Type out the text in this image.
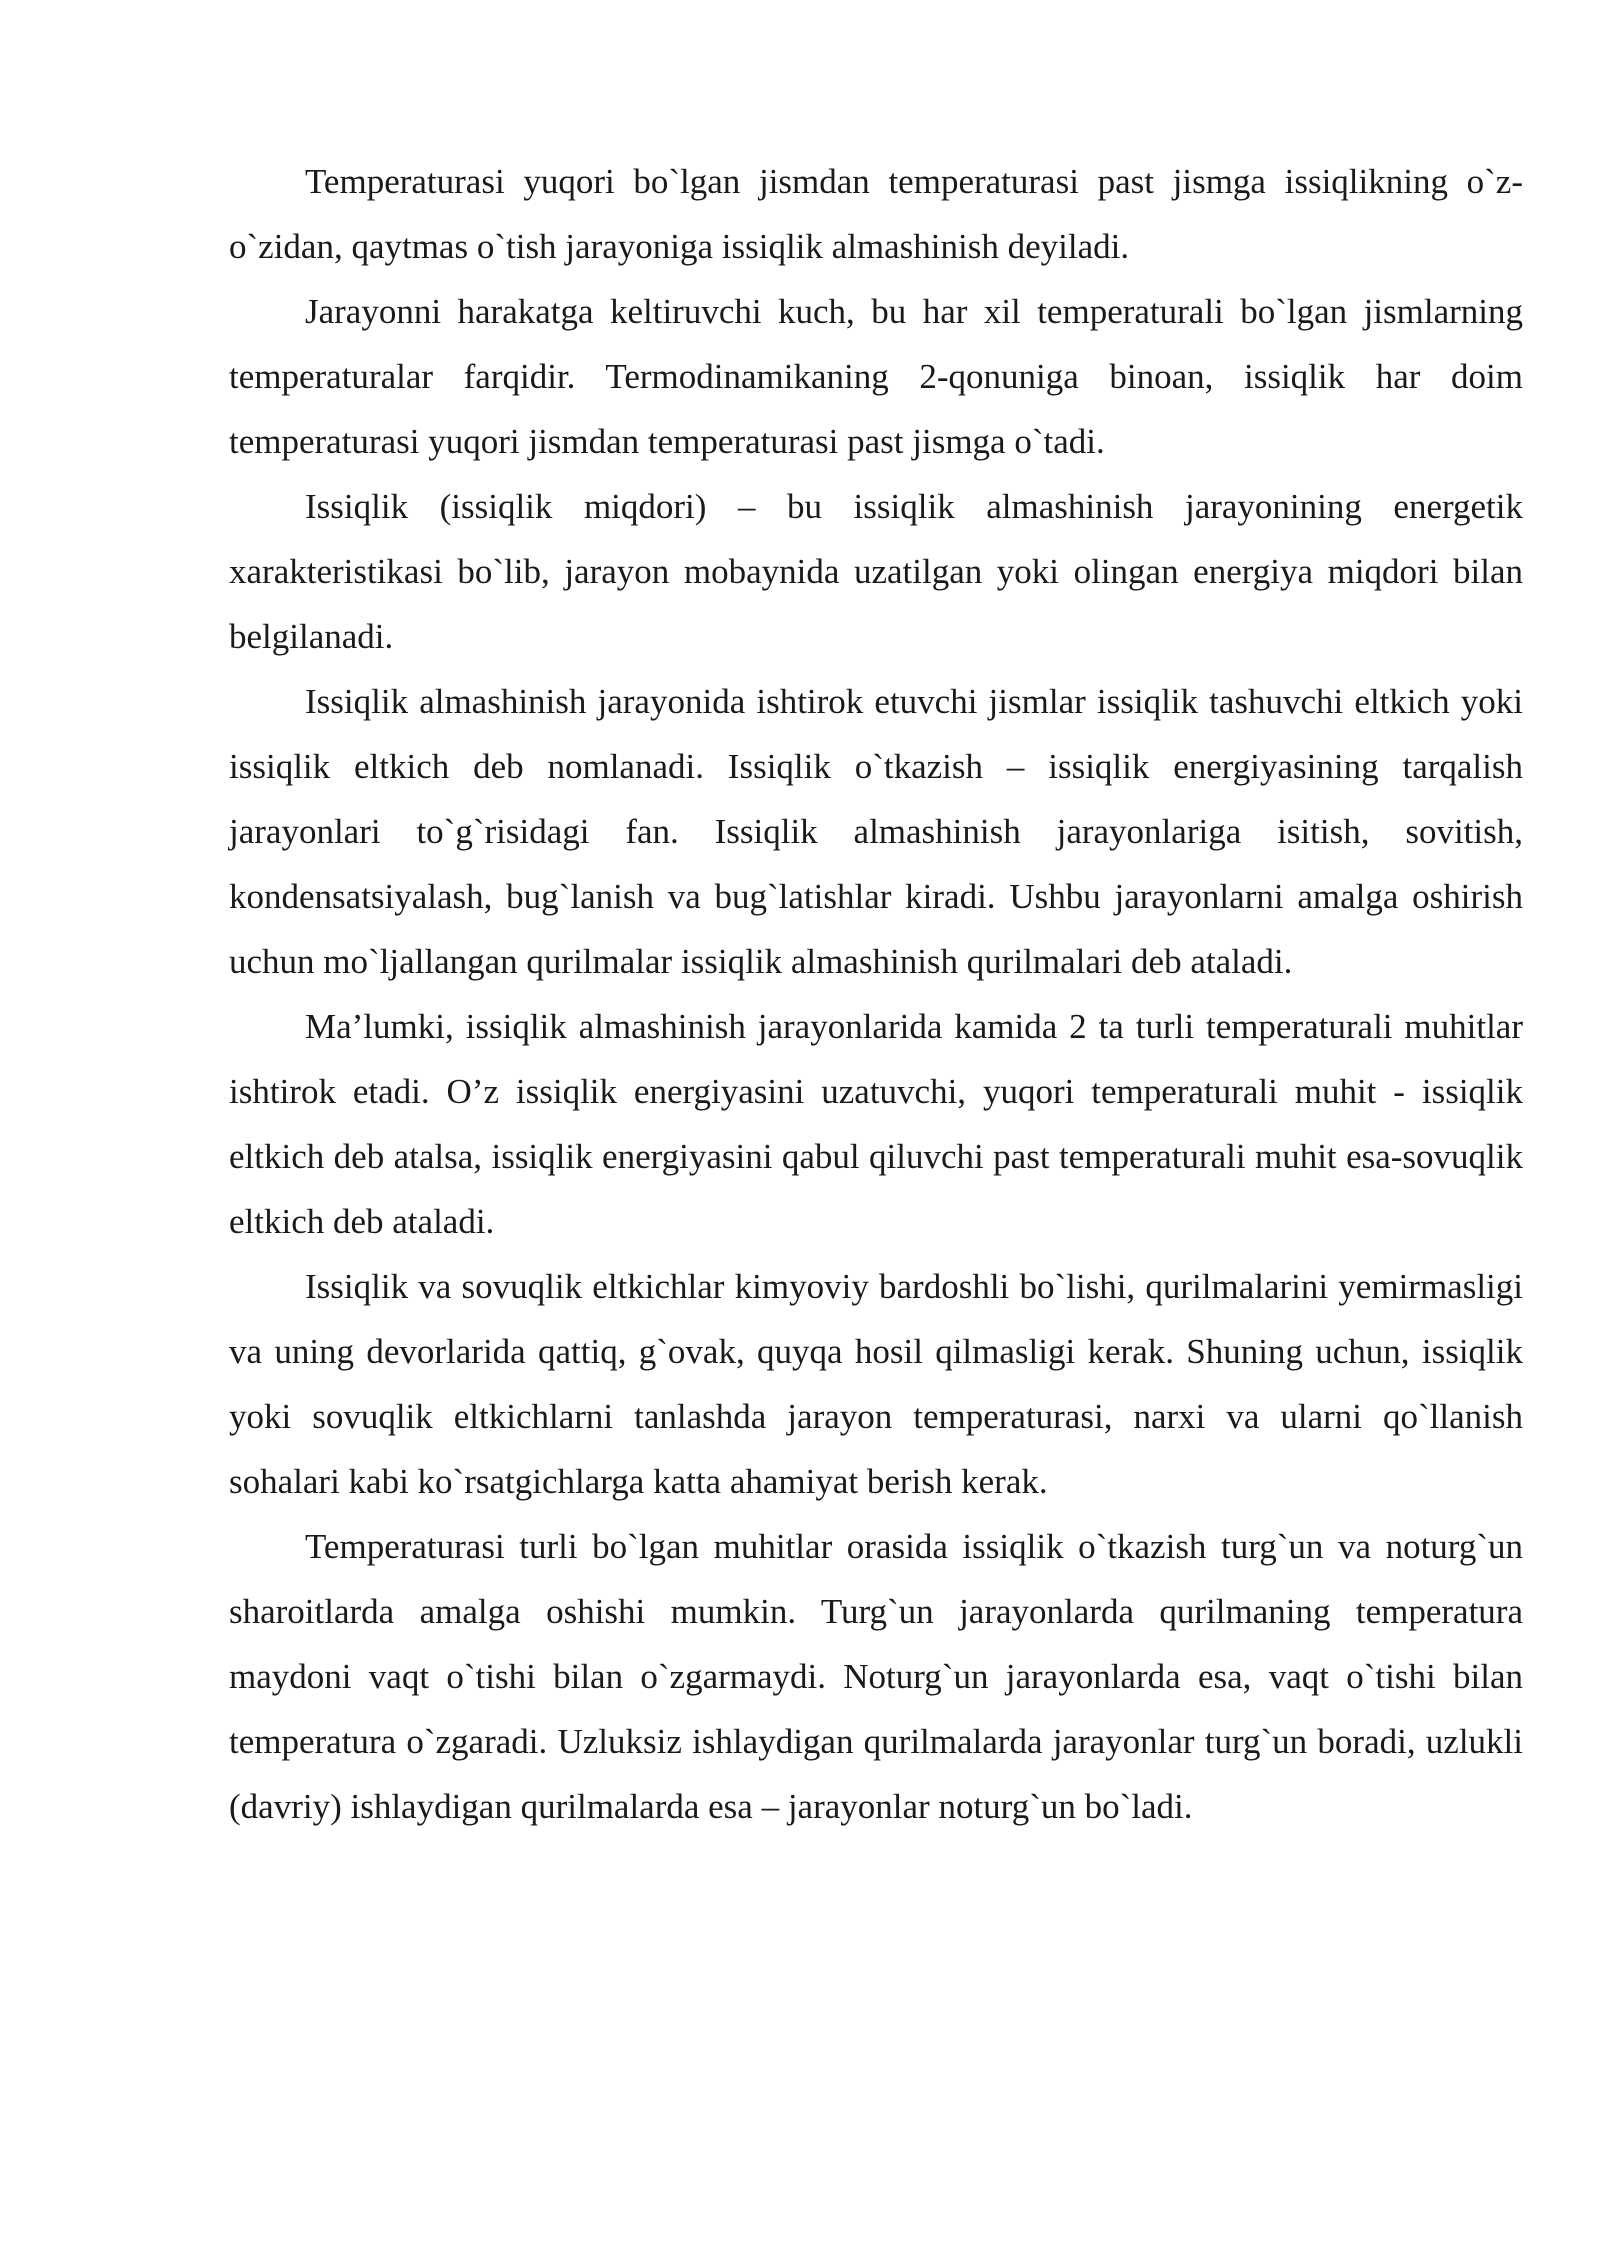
Temperaturasi yuqori bo`lgan jismdan temperaturasi past jismga issiqlikning o`z-o`zidan, qaytmas o`tish jarayoniga issiqlik almashinish deyiladi.

Jarayonni harakatga keltiruvchi kuch, bu har xil temperaturali bo`lgan jismlarning temperaturalar farqidir. Termodinamikaning 2-qonuniga binoan, issiqlik har doim temperaturasi yuqori jismdan temperaturasi past jismga o`tadi.

Issiqlik (issiqlik miqdori) – bu issiqlik almashinish jarayonining energetik xarakteristikasi bo`lib, jarayon mobaynida uzatilgan yoki olingan energiya miqdori bilan belgilanadi.

Issiqlik almashinish jarayonida ishtirok etuvchi jismlar issiqlik tashuvchi eltkich yoki issiqlik eltkich deb nomlanadi. Issiqlik o`tkazish – issiqlik energiyasining tarqalish jarayonlari to`g`risidagi fan. Issiqlik almashinish jarayonlariga isitish, sovitish, kondensatsiyalash, bug`lanish va bug`latishlar kiradi. Ushbu jarayonlarni amalga oshirish uchun mo`ljallangan qurilmalar issiqlik almashinish qurilmalari deb ataladi.

Ma’lumki, issiqlik almashinish jarayonlarida kamida 2 ta turli temperaturali muhitlar ishtirok etadi. O’z issiqlik energiyasini uzatuvchi, yuqori temperaturali muhit - issiqlik eltkich deb atalsa, issiqlik energiyasini qabul qiluvchi past temperaturali muhit esa-sovuqlik eltkich deb ataladi.

Issiqlik va sovuqlik eltkichlar kimyoviy bardoshli bo`lishi, qurilmalarini yemirmasligi va uning devorlarida qattiq, g`ovak, quyqa hosil qilmasligi kerak. Shuning uchun, issiqlik yoki sovuqlik eltkichlarni tanlashda jarayon temperaturasi, narxi va ularni qo`llanish sohalari kabi ko`rsatgichlarga katta ahamiyat berish kerak.

Temperaturasi turli bo`lgan muhitlar orasida issiqlik o`tkazish turg`un va noturg`un sharoitlarda amalga oshishi mumkin. Turg`un jarayonlarda qurilmaning temperatura maydoni vaqt o`tishi bilan o`zgarmaydi. Noturg`un jarayonlarda esa, vaqt o`tishi bilan temperatura o`zgaradi. Uzluksiz ishlaydigan qurilmalarda jarayonlar turg`un boradi, uzlukli (davriy) ishlaydigan qurilmalarda esa – jarayonlar noturg`un bo`ladi.
